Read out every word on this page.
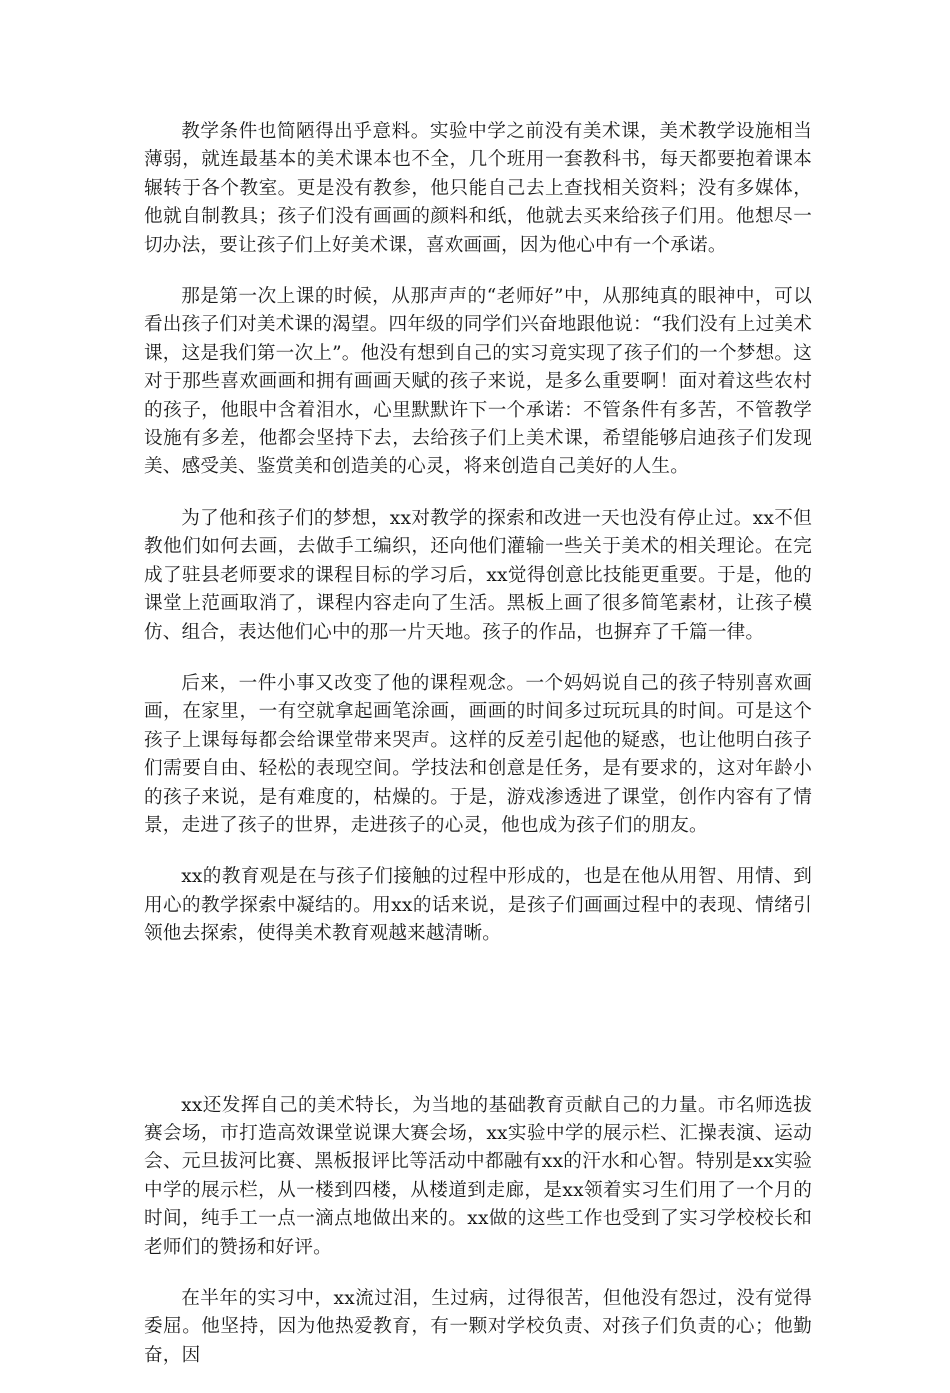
教学条件也简陋得出乎意料。实验中学之前没有美术课，美术教学设施相当薄弱，就连最基本的美术课本也不全，几个班用一套教科书，每天都要抱着课本辗转于各个教室。更是没有教参，他只能自己去上查找相关资料；没有多媒体，他就自制教具；孩子们没有画画的颜料和纸，他就去买来给孩子们用。他想尽一切办法，要让孩子们上好美术课，喜欢画画，因为他心中有一个承诺。

那是第一次上课的时候，从那声声的“老师好”中，从那纯真的眼神中，可以看出孩子们对美术课的渴望。四年级的同学们兴奋地跟他说：“我们没有上过美术课，这是我们第一次上”。他没有想到自己的实习竟实现了孩子们的一个梦想。这对于那些喜欢画画和拥有画画天赋的孩子来说，是多么重要啊！面对着这些农村的孩子，他眼中含着泪水，心里默默许下一个承诺：不管条件有多苦，不管教学设施有多差，他都会坚持下去，去给孩子们上美术课，希望能够启迪孩子们发现美、感受美、鉴赏美和创造美的心灵，将来创造自己美好的人生。

为了他和孩子们的梦想，xx对教学的探索和改进一天也没有停止过。xx不但教他们如何去画，去做手工编织，还向他们灌输一些关于美术的相关理论。在完成了驻县老师要求的课程目标的学习后，xx觉得创意比技能更重要。于是，他的课堂上范画取消了，课程内容走向了生活。黑板上画了很多简笔素材，让孩子模仿、组合，表达他们心中的那一片天地。孩子的作品，也摒弃了千篇一律。

后来，一件小事又改变了他的课程观念。一个妈妈说自己的孩子特别喜欢画画，在家里，一有空就拿起画笔涂画，画画的时间多过玩玩具的时间。可是这个孩子上课每每都会给课堂带来哭声。这样的反差引起他的疑惑，也让他明白孩子们需要自由、轻松的表现空间。学技法和创意是任务，是有要求的，这对年龄小的孩子来说，是有难度的，枯燥的。于是，游戏渗透进了课堂，创作内容有了情景，走进了孩子的世界，走进孩子的心灵，他也成为孩子们的朋友。

xx的教育观是在与孩子们接触的过程中形成的，也是在他从用智、用情、到用心的教学探索中凝结的。用xx的话来说，是孩子们画画过程中的表现、情绪引领他去探索，使得美术教育观越来越清晰。

xx还发挥自己的美术特长，为当地的基础教育贡献自己的力量。市名师选拔赛会场，市打造高效课堂说课大赛会场，xx实验中学的展示栏、汇操表演、运动会、元旦拔河比赛、黑板报评比等活动中都融有xx的汗水和心智。特别是xx实验中学的展示栏，从一楼到四楼，从楼道到走廊，是xx领着实习生们用了一个月的时间，纯手工一点一滴点地做出来的。xx做的这些工作也受到了实习学校校长和老师们的赞扬和好评。

在半年的实习中，xx流过泪，生过病，过得很苦，但他没有怨过，没有觉得委屈。他坚持，因为他热爱教育，有一颗对学校负责、对孩子们负责的心；他勤奋，因
